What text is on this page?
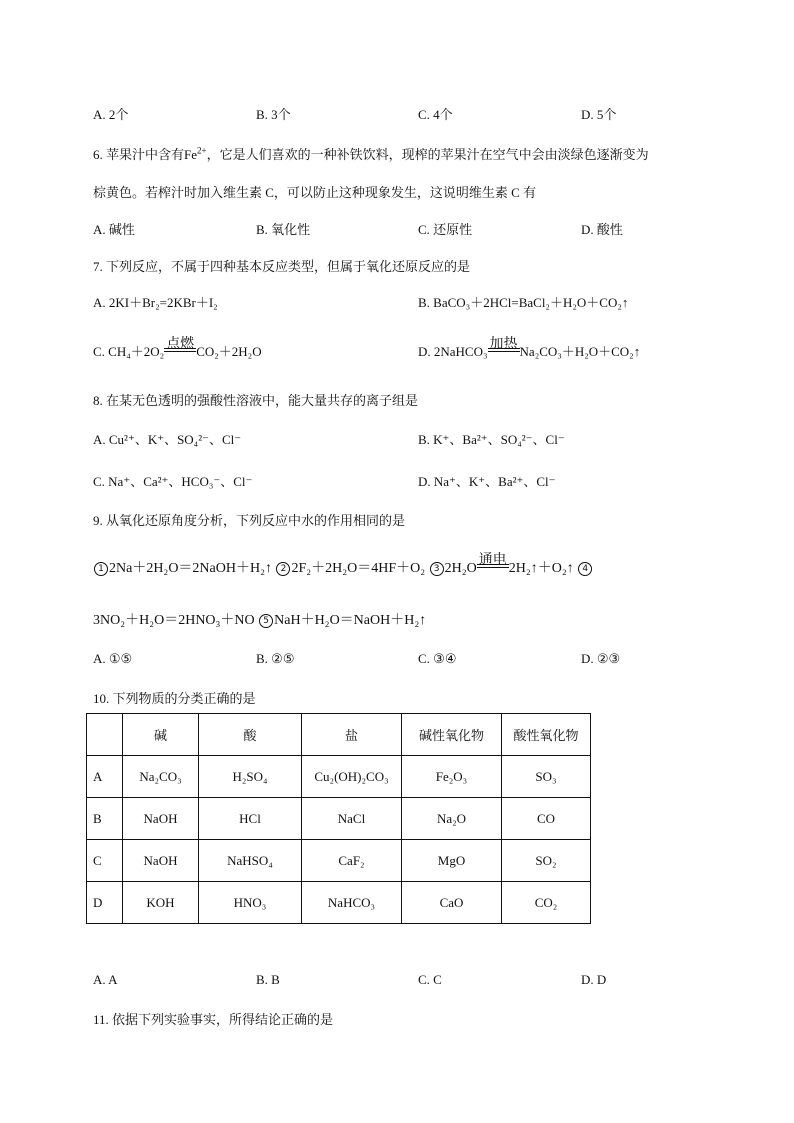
A. 2个	B. 3个	C. 4个	D. 5个
6. 苹果汁中含有$Fe^{2+}$，它是人们喜欢的一种补铁饮料，现榨的苹果汁在空气中会由淡绿色逐渐变为
棕黄色。若榨汁时加入维生素 C，可以防止这种现象发生，这说明维生素 C 有
A. 碱性	B. 氧化性	C. 还原性	D. 酸性
7. 下列反应，不属于四种基本反应类型，但属于氧化还原反应的是
A. 2KI＋Br₂=2KBr＋I₂	B. BaCO₃＋2HCl=BaCl₂＋H₂O＋CO₂↑
C. CH₄＋2O₂ 点燃 CO₂＋2H₂O	D. 2NaHCO₃ 加热 Na₂CO₃＋H₂O＋CO₂↑
8. 在某无色透明的强酸性溶液中，能大量共存的离子组是
A. Cu²⁺、K⁺、SO₄²⁻、Cl⁻	B. K⁺、Ba²⁺、SO₄²⁻、Cl⁻
C. Na⁺、Ca²⁺、HCO₃⁻、Cl⁻	D. Na⁺、K⁺、Ba²⁺、Cl⁻
9. 从氧化还原角度分析，下列反应中水的作用相同的是
1 2Na＋2H₂O＝2NaOH＋H₂↑ 2 2F₂＋2H₂O＝4HF＋O₂ 3 2H₂O
通电
2H₂↑＋O₂↑ 4
3NO₂＋H₂O＝2HNO₃＋NO 5 NaH＋H₂O＝NaOH＋H₂↑
A. ①⑤	B. ②⑤	C. ③④	D. ②③
10. 下列物质的分类正确的是
	碱	酸	盐	碱性氧化物	酸性氧化物
A	Na₂CO₃	H₂SO₄	Cu₂(OH)₂CO₃	Fe₂O₃	SO₃
B	NaOH	HCl	NaCl	Na₂O	CO
C	NaOH	NaHSO₄	CaF₂	MgO	SO₂
D	KOH	HNO₃	NaHCO₃	CaO	CO₂
A. A	B. B	C. C	D. D
11. 依据下列实验事实，所得结论正确的是
